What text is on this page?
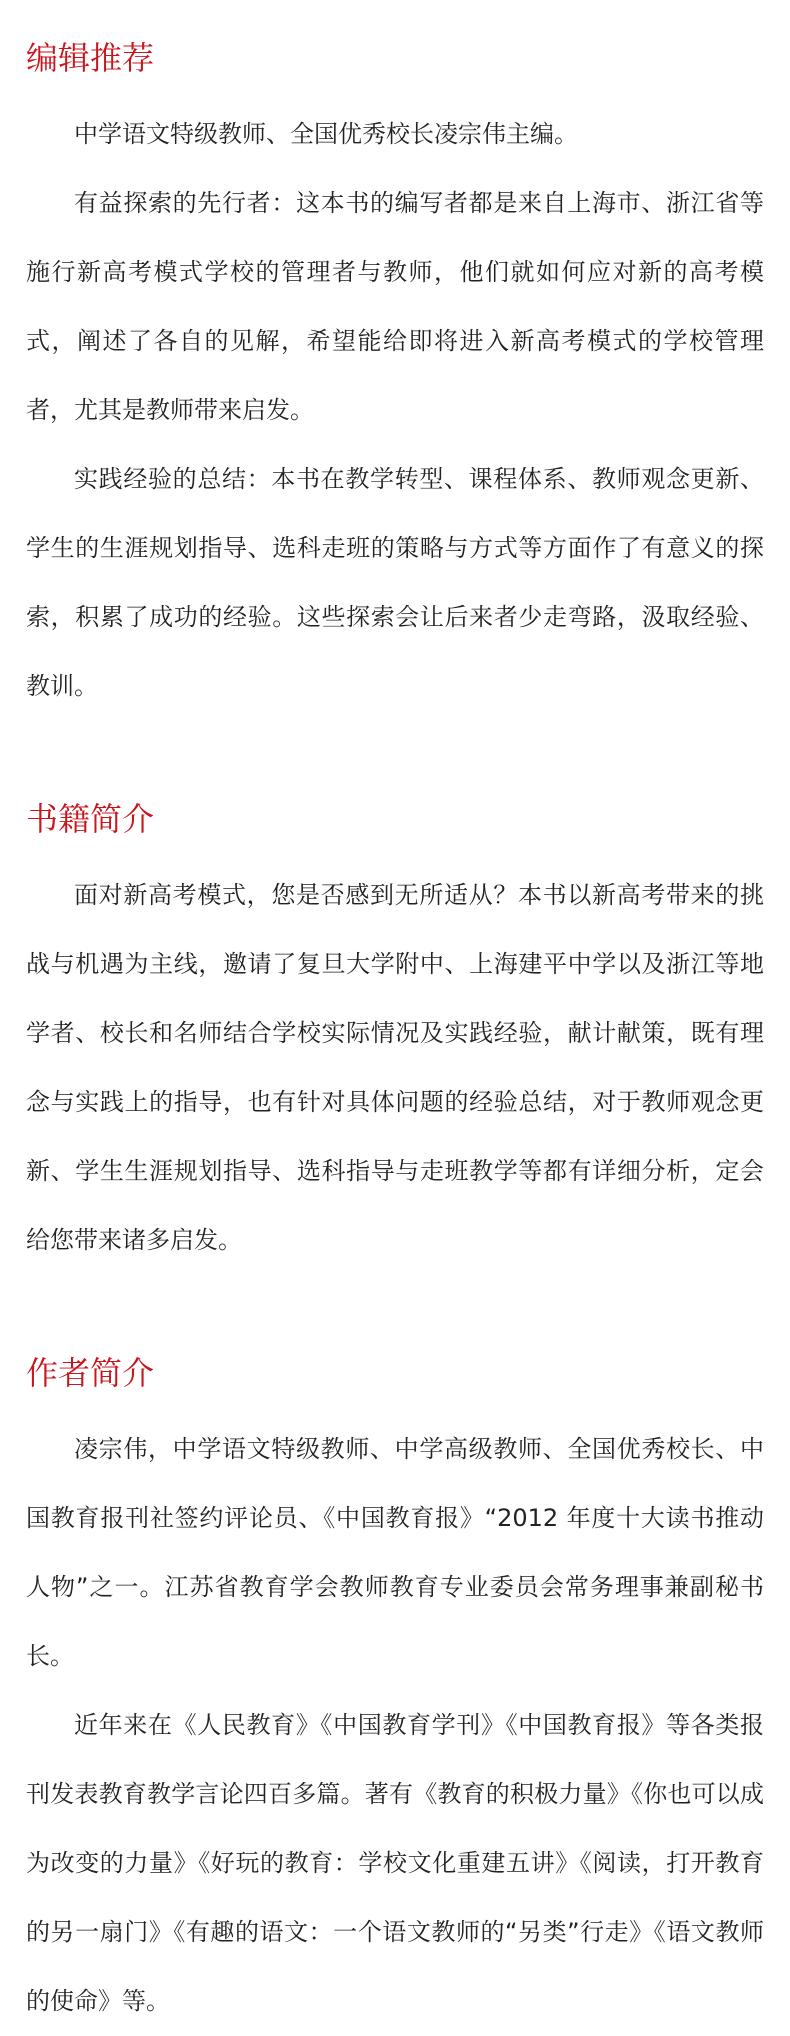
编辑推荐

中学语文特级教师、全国优秀校长凌宗伟主编。

有益探索的先行者：这本书的编写者都是来自上海市、浙江省等施行新高考模式学校的管理者与教师，他们就如何应对新的高考模式，阐述了各自的见解，希望能给即将进入新高考模式的学校管理者，尤其是教师带来启发。

实践经验的总结：本书在教学转型、课程体系、教师观念更新、学生的生涯规划指导、选科走班的策略与方式等方面作了有意义的探索，积累了成功的经验。这些探索会让后来者少走弯路，汲取经验、教训。

书籍简介

面对新高考模式，您是否感到无所适从？本书以新高考带来的挑战与机遇为主线，邀请了复旦大学附中、上海建平中学以及浙江等地学者、校长和名师结合学校实际情况及实践经验，献计献策，既有理念与实践上的指导，也有针对具体问题的经验总结，对于教师观念更新、学生生涯规划指导、选科指导与走班教学等都有详细分析，定会给您带来诸多启发。

作者简介

凌宗伟，中学语文特级教师、中学高级教师、全国优秀校长、中国教育报刊社签约评论员、《中国教育报》“2012 年度十大读书推动人物”之一。江苏省教育学会教师教育专业委员会常务理事兼副秘书长。

近年来在《人民教育》《中国教育学刊》《中国教育报》等各类报刊发表教育教学言论四百多篇。著有《教育的积极力量》《你也可以成为改变的力量》《好玩的教育：学校文化重建五讲》《阅读，打开教育的另一扇门》《有趣的语文：一个语文教师的“另类”行走》《语文教师的使命》等。
